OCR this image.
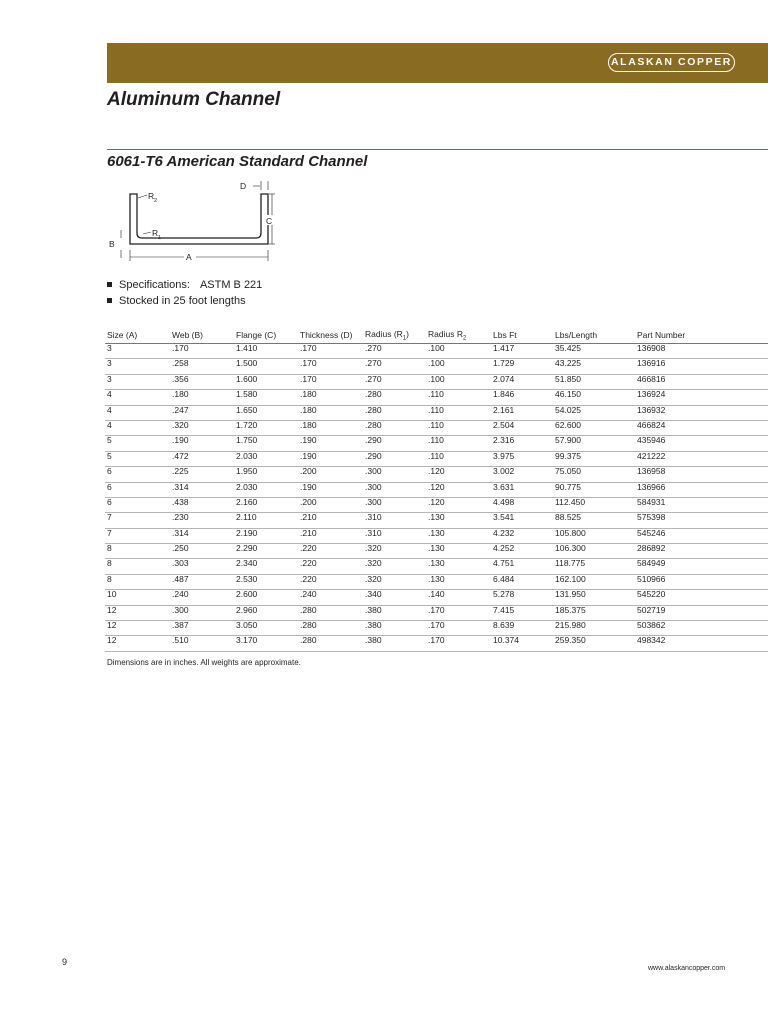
ALASKAN COPPER
Aluminum Channel
6061-T6 American Standard Channel
D
R 2
R 1
C
B
A
Specifications: ASTM B 221
Stocked in 25 foot lengths
Size (A)	Web (B)	Flange (C)	Thickness (D)	Radius $(R_1)$	Radius $R_2$	Lbs Ft	Lbs/Length	Part Number
3	.170	1.410	.170	.270	.100	1.417	35.425	136908
3	.258	1.500	.170	.270	.100	1.729	43.225	136916
3	.356	1.600	.170	.270	.100	2.074	51.850	466816
4	.180	1.580	.180	.280	.110	1.846	46.150	136924
4	.247	1.650	.180	.280	.110	2.161	54.025	136932
4	.320	1.720	.180	.280	.110	2.504	62.600	466824
5	.190	1.750	.190	.290	.110	2.316	57.900	435946
5	.472	2.030	.190	.290	.110	3.975	99.375	421222
6	.225	1.950	.200	.300	.120	3.002	75.050	136958
6	.314	2.030	.190	.300	.120	3.631	90.775	136966
6	.438	2.160	.200	.300	.120	4.498	112.450	584931
7	.230	2.110	.210	.310	.130	3.541	88.525	575398
7	.314	2.190	.210	.310	.130	4.232	105.800	545246
8	.250	2.290	.220	.320	.130	4.252	106.300	286892
8	.303	2.340	.220	.320	.130	4.751	118.775	584949
8	.487	2.530	.220	.320	.130	6.484	162.100	510966
10	.240	2.600	.240	.340	.140	5.278	131.950	545220
12	.300	2.960	.280	.380	.170	7.415	185.375	502719
12	.387	3.050	.280	.380	.170	8.639	215.980	503862
12	.510	3.170	.280	.380	.170	10.374	259.350	498342

Dimensions are in inches. All weights are approximate.

9
www.alaskancopper.com
